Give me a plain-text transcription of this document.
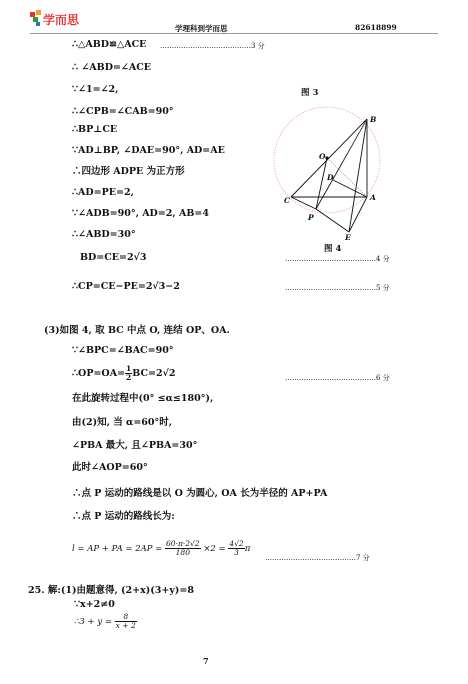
学而思
学理科到学而思	82618899
∴△ABD≌△ACE …………………………………3 分
∴ ∠ABD=∠ACE
∵∠1=∠2,
∴∠CPB=∠CAB=90°
∴BP⊥CE
∵AD⊥BP, ∠DAE=90°, AD=AE
∴四边形 ADPE 为正方形
∴AD=PE=2,
∵∠ADB=90°, AD=2, AB=4
∴∠ABD=30°
BD=CE=2√3	…………………………………4 分
∴CP=CE−PE=2√3−2	…………………………………5 分
图 3
图 4
B
O
D
C
P
A
E
(3)如图 4, 取 BC 中点 O, 连结 OP、OA.
∵∠BPC=∠BAC=90°
∴OP=OA= $\frac{1}{2} BC=2√2$	…………………………………6 分
在此旋转过程中(0° ≤α≤180°),
由(2)知, 当 α=60°时,
∠PBA 最大, 且∠PBA=30°
此时∠AOP=60°
∴点 P 运动的路线是以 O 为圆心, OA 长为半径的 AP+PA
∴点 P 运动的路线长为:
l = AP + PA = $2AP = \frac{60\cdot\pi\cdot 2√2}{180} \times 2 = \frac{4√2}{3}$ π
…………………………………7 分
25. 解:(1)由题意得, (2+x)(3+y)=8
∵x+2≠0
∴3 + $y = \frac{8}{x + 2}$
7
